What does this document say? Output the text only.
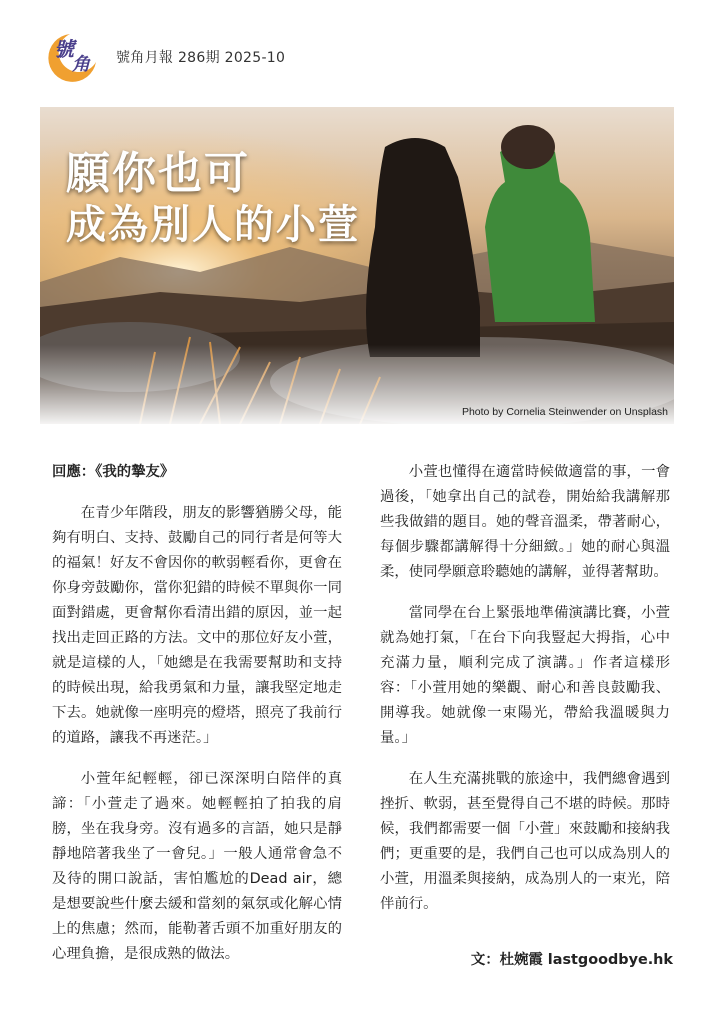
號
角 號角月報 286期 2025-10
願你也可
成為別人的小萱
Photo by Cornelia Steinwender on Unsplash
回應：《我的摯友》

在青少年階段，朋友的影響猶勝父母，能夠有明白、支持、鼓勵自己的同行者是何等大的福氣！好友不會因你的軟弱輕看你，更會在你身旁鼓勵你，當你犯錯的時候不單與你一同面對錯處，更會幫你看清出錯的原因，並一起找出走回正路的方法。文中的那位好友小萱，就是這樣的人，「她總是在我需要幫助和支持的時候出現，給我勇氣和力量，讓我堅定地走下去。她就像一座明亮的燈塔，照亮了我前行的道路，讓我不再迷茫。」

小萱年紀輕輕，卻已深深明白陪伴的真諦：「小萱走了過來。她輕輕拍了拍我的肩膀，坐在我身旁。沒有過多的言語，她只是靜靜地陪著我坐了一會兒。」一般人通常會急不及待的開口說話，害怕尷尬的Dead air，總是想要說些什麼去緩和當刻的氣氛或化解心情上的焦慮；然而，能勒著舌頭不加重好朋友的心理負擔，是很成熟的做法。

小萱也懂得在適當時候做適當的事，一會過後，「她拿出自己的試卷，開始給我講解那些我做錯的題目。她的聲音溫柔，帶著耐心，每個步驟都講解得十分細緻。」她的耐心與溫柔，使同學願意聆聽她的講解，並得著幫助。

當同學在台上緊張地準備演講比賽，小萱就為她打氣，「在台下向我豎起大拇指，心中充滿力量，順利完成了演講。」作者這樣形容：「小萱用她的樂觀、耐心和善良鼓勵我、開導我。她就像一束陽光，帶給我溫暖與力量。」

在人生充滿挑戰的旅途中，我們總會遇到挫折、軟弱，甚至覺得自己不堪的時候。那時候，我們都需要一個「小萱」來鼓勵和接納我們；更重要的是，我們自己也可以成為別人的小萱，用溫柔與接納，成為別人的一束光，陪伴前行。

文：杜婉霞 lastgoodbye.hk
